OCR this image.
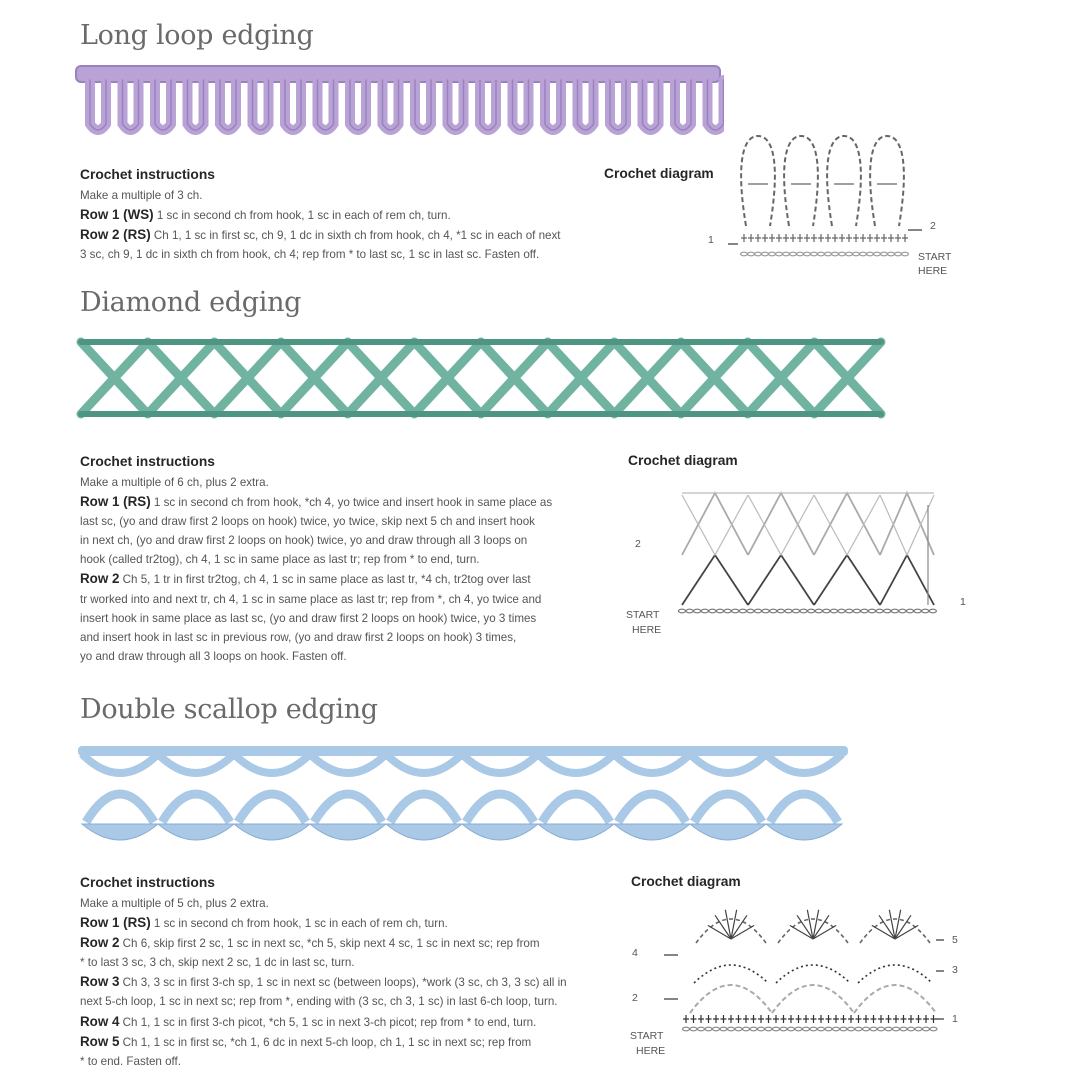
Long loop edging
Crochet instructions
Make a multiple of 3 ch.
Row 1 (WS) 1 sc in second ch from hook, 1 sc in each of rem ch, turn.
Row 2 (RS) Ch 1, 1 sc in first sc, ch 9, 1 dc in sixth ch from hook, ch 4, *1 sc in each of next
3 sc, ch 9, 1 dc in sixth ch from hook, ch 4; rep from * to last sc, 1 sc in last sc. Fasten off.
Crochet diagram
1
2
START
HERE
Diamond edging
Crochet instructions
Make a multiple of 6 ch, plus 2 extra.
Row 1 (RS) 1 sc in second ch from hook, *ch 4, yo twice and insert hook in same place as
last sc, (yo and draw first 2 loops on hook) twice, yo twice, skip next 5 ch and insert hook
in next ch, (yo and draw first 2 loops on hook) twice, yo and draw through all 3 loops on
hook (called tr2tog), ch 4, 1 sc in same place as last tr; rep from * to end, turn.
Row 2 Ch 5, 1 tr in first tr2tog, ch 4, 1 sc in same place as last tr, *4 ch, tr2tog over last
tr worked into and next tr, ch 4, 1 sc in same place as last tr; rep from *, ch 4, yo twice and
insert hook in same place as last sc, (yo and draw first 2 loops on hook) twice, yo 3 times
and insert hook in last sc in previous row, (yo and draw first 2 loops on hook) 3 times,
yo and draw through all 3 loops on hook. Fasten off.
Crochet diagram
2
1
START
HERE
Double scallop edging
Crochet instructions
Make a multiple of 5 ch, plus 2 extra.
Row 1 (RS) 1 sc in second ch from hook, 1 sc in each of rem ch, turn.
Row 2 Ch 6, skip first 2 sc, 1 sc in next sc, *ch 5, skip next 4 sc, 1 sc in next sc; rep from
* to last 3 sc, 3 ch, skip next 2 sc, 1 dc in last sc, turn.
Row 3 Ch 3, 3 sc in first 3-ch sp, 1 sc in next sc (between loops), *work (3 sc, ch 3, 3 sc) all in
next 5-ch loop, 1 sc in next sc; rep from *, ending with (3 sc, ch 3, 1 sc) in last 6-ch loop, turn.
Row 4 Ch 1, 1 sc in first 3-ch picot, *ch 5, 1 sc in next 3-ch picot; rep from * to end, turn.
Row 5 Ch 1, 1 sc in first sc, *ch 1, 6 dc in next 5-ch loop, ch 1, 1 sc in next sc; rep from
* to end. Fasten off.
Crochet diagram
5
4
3
2
1
START
HERE
